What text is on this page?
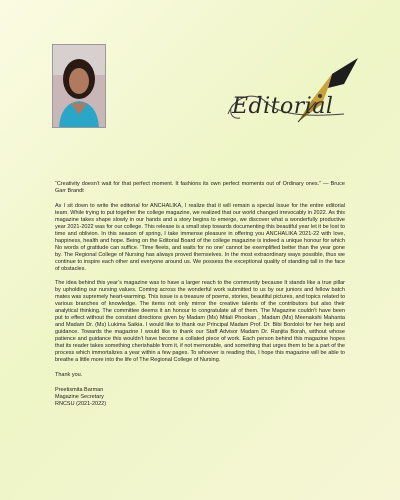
Editorial

“Creativity doesn’t wait for that perfect moment. It fashions its own perfect moments out of Ordinary ones.” — Bruce Garr Brandt

As I sit down to write the editorial for ANCHALIKA, I realize that it will remain a special Issue for the entire editorial team. While trying to put together the college magazine, we realized that our world changed irrevocably in 2022. As this magazine takes shape slowly in our hands and a story begins to emerge, we discover what a wonderfully productive year 2021-2022 was for our college. This release is a small step towards documenting this beautiful year let it be lost to time and oblivion. In this season of spring, I take immense pleasure in offering you ANCHALIKA 2021-22 with love, happiness, health and hope. Being on the Editorial Board of the college magazine is indeed a unique honour for which No words of gratitude can suffice. ‘Time fleets, and waits for no one’ cannot be exemplified better than the year gone by. The Regional College of Nursing has always proved themselves. In the most extraordinary ways possible, thus we continue to inspire each other and everyone around us. We possess the exceptional quality of standing tall in the face of obstacles.

The idea behind this year’s magazine was to have a larger reach to the community because It stands like a true pillar by upholding our nursing values. Coming across the wonderful work submitted to us by our juniors and fellow batch mates was supremely heart-warming. This issue is a treasure of poems, stories, beautiful pictures, and topics related to various branches of knowledge. The items not only mirror the creative talents of the contributors but also their analytical thinking. The committee deems it an honour to congratulate all of them. The Magazine couldn’t have been put to effect without the constant directions given by Madam (Ms) Mitali Phookan , Madam (Ms) Meenakshi Mahanta and Madam Dr. (Ms) Lukima Saikia. I would like to thank our Principal Madam Prof. Dr. Bibi Bordoloi for her help and guidance. Towards the magazine I would like to thank our Staff Advisor Madam Dr. Ranjita Borah, without whose patience and guidance this wouldn’t have become a collated piece of work. Each person behind this magazine hopes that its reader takes something cherishable from it, if not memorable, and something that urges them to be a part of the process which immortalizes a year within a few pages. To whoever is reading this, I hope this magazine will be able to breathe a little more into the life of The Regional College of Nursing.

Thank you.

Preetismita Barman
Magazine Secretary
RNCSU (2021-2022)
